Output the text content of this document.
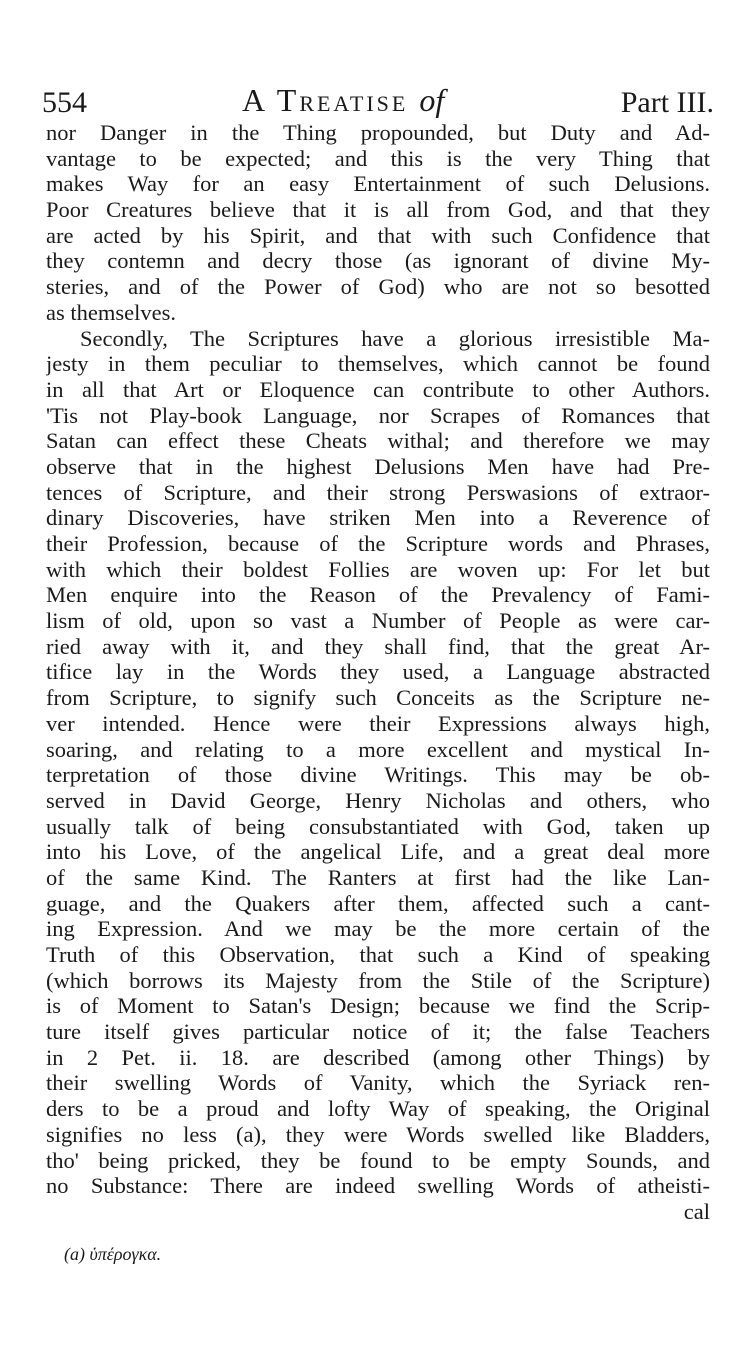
554	A Treatise of	Part III.
nor Danger in the Thing propounded, but Duty and Ad-
vantage to be expected; and this is the very Thing that
makes Way for an easy Entertainment of such Delusions.
Poor Creatures believe that it is all from God, and that they
are acted by his Spirit, and that with such Confidence that
they contemn and decry those (as ignorant of divine My-
steries, and of the Power of God) who are not so besotted
as themselves.
Secondly, The Scriptures have a glorious irresistible Ma-
jesty in them peculiar to themselves, which cannot be found
in all that Art or Eloquence can contribute to other Authors.
'Tis not Play-book Language, nor Scrapes of Romances that
Satan can effect these Cheats withal; and therefore we may
observe that in the highest Delusions Men have had Pre-
tences of Scripture, and their strong Perswasions of extraor-
dinary Discoveries, have striken Men into a Reverence of
their Profession, because of the Scripture words and Phrases,
with which their boldest Follies are woven up: For let but
Men enquire into the Reason of the Prevalency of Fami-
lism of old, upon so vast a Number of People as were car-
ried away with it, and they shall find, that the great Ar-
tifice lay in the Words they used, a Language abstracted
from Scripture, to signify such Conceits as the Scripture ne-
ver intended. Hence were their Expressions always high,
soaring, and relating to a more excellent and mystical In-
terpretation of those divine Writings. This may be ob-
served in David George, Henry Nicholas and others, who
usually talk of being consubstantiated with God, taken up
into his Love, of the angelical Life, and a great deal more
of the same Kind. The Ranters at first had the like Lan-
guage, and the Quakers after them, affected such a cant-
ing Expression. And we may be the more certain of the
Truth of this Observation, that such a Kind of speaking
(which borrows its Majesty from the Stile of the Scripture)
is of Moment to Satan's Design; because we find the Scrip-
ture itself gives particular notice of it; the false Teachers
in 2 Pet. ii. 18. are described (among other Things) by
their swelling Words of Vanity, which the Syriack ren-
ders to be a proud and lofty Way of speaking, the Original
signifies no less (a), they were Words swelled like Bladders,
tho' being pricked, they be found to be empty Sounds, and
no Substance: There are indeed swelling Words of atheisti-
cal
(a) ὑπέρογκα.
